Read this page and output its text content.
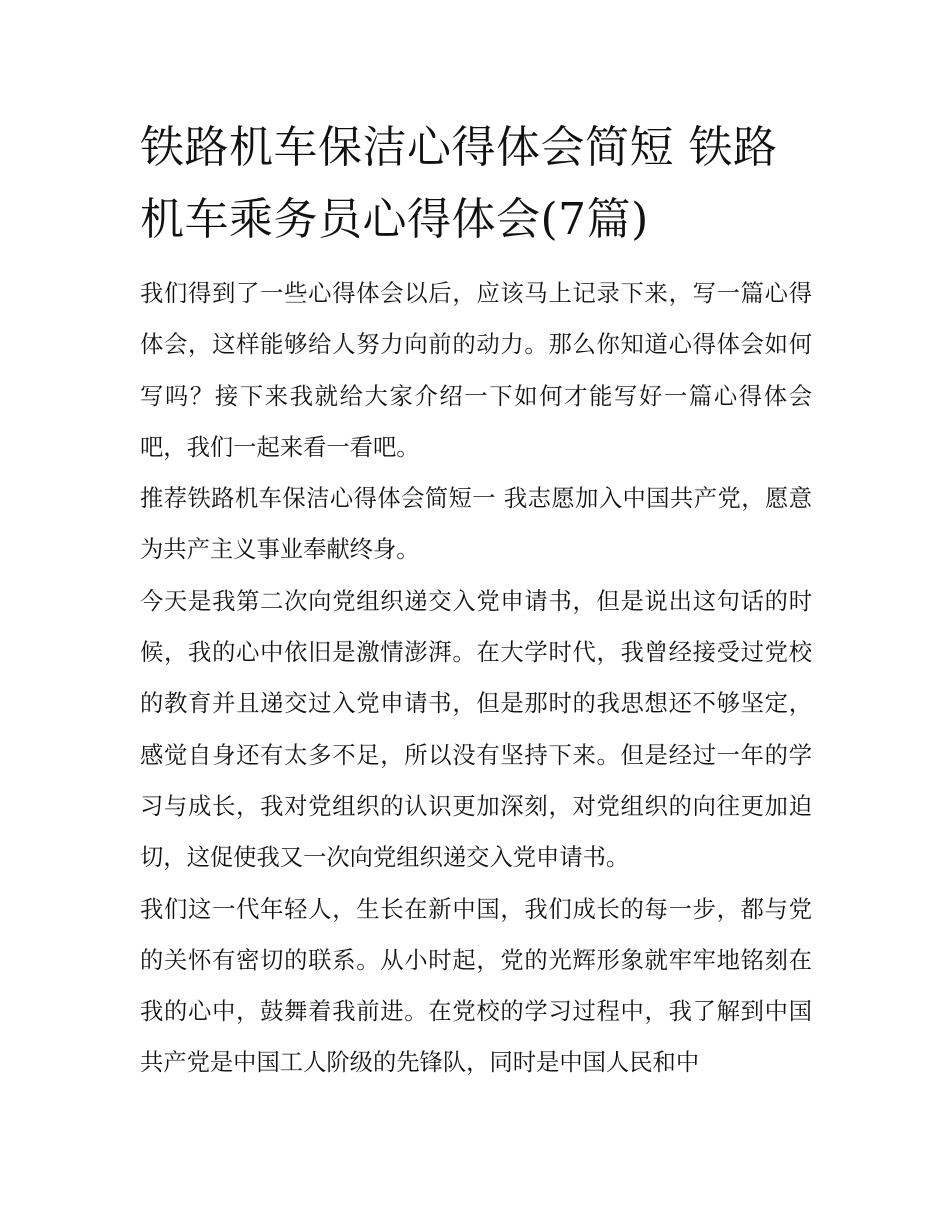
铁路机车保洁心得体会简短 铁路机车乘务员心得体会(7篇)

我们得到了一些心得体会以后，应该马上记录下来，写一篇心得体会，这样能够给人努力向前的动力。那么你知道心得体会如何写吗？接下来我就给大家介绍一下如何才能写好一篇心得体会吧，我们一起来看一看吧。

推荐铁路机车保洁心得体会简短一 我志愿加入中国共产党，愿意为共产主义事业奉献终身。

今天是我第二次向党组织递交入党申请书，但是说出这句话的时候，我的心中依旧是激情澎湃。在大学时代，我曾经接受过党校的教育并且递交过入党申请书，但是那时的我思想还不够坚定，感觉自身还有太多不足，所以没有坚持下来。但是经过一年的学习与成长，我对党组织的认识更加深刻，对党组织的向往更加迫切，这促使我又一次向党组织递交入党申请书。

我们这一代年轻人，生长在新中国，我们成长的每一步，都与党的关怀有密切的联系。从小时起，党的光辉形象就牢牢地铭刻在我的心中，鼓舞着我前进。在党校的学习过程中，我了解到中国共产党是中国工人阶级的先锋队，同时是中国人民和中
